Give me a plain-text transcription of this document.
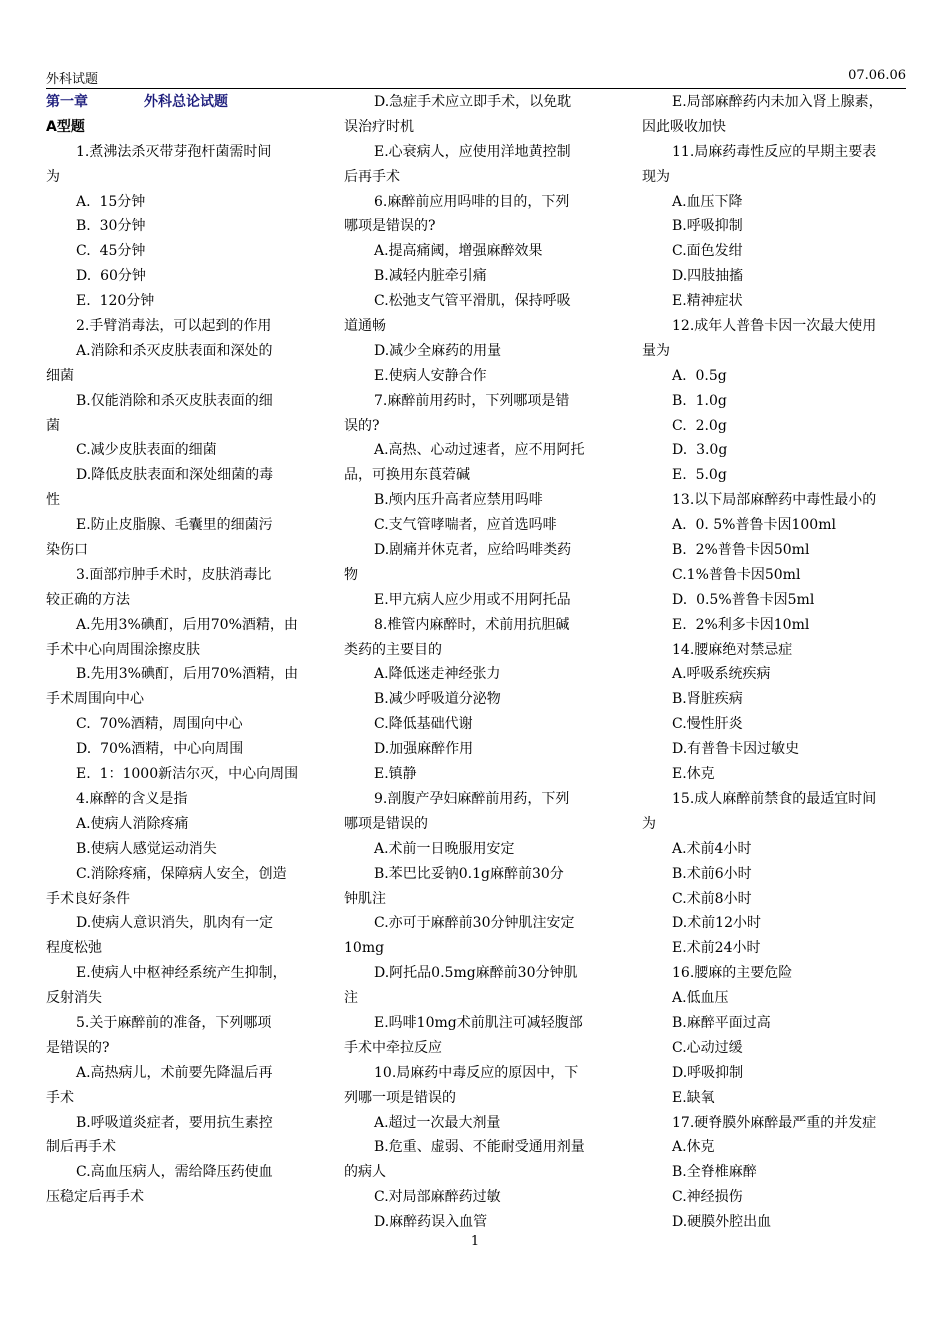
外科试题	07.06.06
第一章	外科总论试题
A型题
1.煮沸法杀灭带芽孢杆菌需时间
为
A.  15分钟
B.  30分钟
C.  45分钟
D.  60分钟
E.  120分钟
2.手臂消毒法，可以起到的作用
A.消除和杀灭皮肤表面和深处的
细菌
B.仅能消除和杀灭皮肤表面的细
菌
C.减少皮肤表面的细菌
D.降低皮肤表面和深处细菌的毒
性
E.防止皮脂腺、毛囊里的细菌污
染伤口
3.面部疖肿手术时，皮肤消毒比
较正确的方法
A.先用3%碘酊，后用70%酒精，由
手术中心向周围涂擦皮肤
B.先用3%碘酊，后用70%酒精，由
手术周围向中心
C.  70%酒精，周围向中心
D.  70%酒精，中心向周围
E.  1：1000新洁尔灭，中心向周围
4.麻醉的含义是指
A.使病人消除疼痛
B.使病人感觉运动消失
C.消除疼痛，保障病人安全，创造
手术良好条件
D.使病人意识消失，肌肉有一定
程度松弛
E.使病人中枢神经系统产生抑制，
反射消失
5.关于麻醉前的准备，下列哪项
是错误的?
A.高热病儿，术前要先降温后再
手术
B.呼吸道炎症者，要用抗生素控
制后再手术
C.高血压病人，需给降压药使血
压稳定后再手术
D.急症手术应立即手术，以免耽
误治疗时机
E.心衰病人，应使用洋地黄控制
后再手术
6.麻醉前应用吗啡的目的，下列
哪项是错误的?
A.提高痛阈，增强麻醉效果
B.减轻内脏牵引痛
C.松弛支气管平滑肌，保持呼吸
道通畅
D.减少全麻药的用量
E.使病人安静合作
7.麻醉前用药时，下列哪项是错
误的?
A.高热、心动过速者，应不用阿托
品，可换用东莨菪碱
B.颅内压升高者应禁用吗啡
C.支气管哮喘者，应首选吗啡
D.剧痛并休克者，应给吗啡类药
物
E.甲亢病人应少用或不用阿托品
8.椎管内麻醉时，术前用抗胆碱
类药的主要目的
A.降低迷走神经张力
B.减少呼吸道分泌物
C.降低基础代谢
D.加强麻醉作用
E.镇静
9.剖腹产孕妇麻醉前用药，下列
哪项是错误的
A.术前一日晚服用安定
B.苯巴比妥钠0.1g麻醉前30分
钟肌注
C.亦可于麻醉前30分钟肌注安定
10mg
D.阿托品0.5mg麻醉前30分钟肌
注
E.吗啡10mg术前肌注可减轻腹部
手术中牵拉反应
10.局麻药中毒反应的原因中，下
列哪一项是错误的
A.超过一次最大剂量
B.危重、虚弱、不能耐受通用剂量
的病人
C.对局部麻醉药过敏
D.麻醉药误入血管
E.局部麻醉药内未加入肾上腺素，
因此吸收加快
11.局麻药毒性反应的早期主要表
现为
A.血压下降
B.呼吸抑制
C.面色发绀
D.四肢抽搐
E.精神症状
12.成年人普鲁卡因一次最大使用
量为
A.  0.5g
B.  1.0g
C.  2.0g
D.  3.0g
E.  5.0g
13.以下局部麻醉药中毒性最小的
A.  0. 5%普鲁卡因100ml
B.  2%普鲁卡因50ml
C.1%普鲁卡因50ml
D.  0.5%普鲁卡因5ml
E.  2%利多卡因10ml
14.腰麻绝对禁忌症
A.呼吸系统疾病
B.肾脏疾病
C.慢性肝炎
D.有普鲁卡因过敏史
E.休克
15.成人麻醉前禁食的最适宜时间
为
A.术前4小时
B.术前6小时
C.术前8小时
D.术前12小时
E.术前24小时
16.腰麻的主要危险
A.低血压
B.麻醉平面过高
C.心动过缓
D.呼吸抑制
E.缺氧
17.硬脊膜外麻醉最严重的并发症
A.休克
B.全脊椎麻醉
C.神经损伤
D.硬膜外腔出血
1
